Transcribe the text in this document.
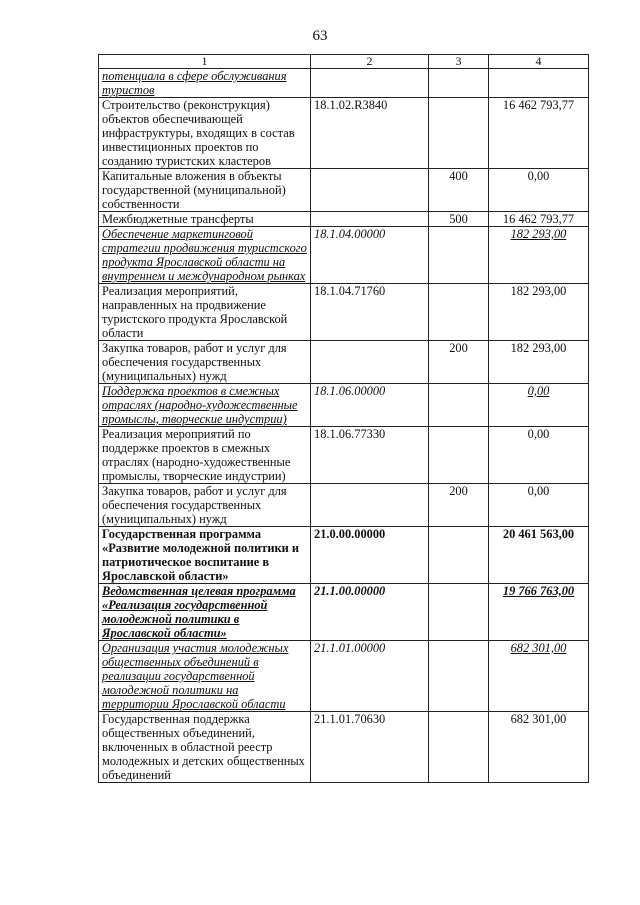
63
1	2	3	4
потенциала в сфере обслуживания туристов			
Строительство (реконструкция) объектов обеспечивающей инфраструктуры, входящих в состав инвестиционных проектов по созданию туристских кластеров	18.1.02.R3840		16 462 793,77
Капитальные вложения в объекты государственной (муниципальной) собственности		400	0,00
Межбюджетные трансферты		500	16 462 793,77
Обеспечение маркетинговой стратегии продвижения туристского продукта Ярославской области на внутреннем и международном рынках	18.1.04.00000		182 293,00
Реализация мероприятий, направленных на продвижение туристского продукта Ярославской области	18.1.04.71760		182 293,00
Закупка товаров, работ и услуг для обеспечения государственных (муниципальных) нужд		200	182 293,00
Поддержка проектов в смежных отраслях (народно-художественные промыслы, творческие индустрии)	18.1.06.00000		0,00
Реализация мероприятий по поддержке проектов в смежных отраслях (народно-художественные промыслы, творческие индустрии)	18.1.06.77330		0,00
Закупка товаров, работ и услуг для обеспечения государственных (муниципальных) нужд		200	0,00
Государственная программа «Развитие молодежной политики и патриотическое воспитание в Ярославской области»	21.0.00.00000		20 461 563,00
Ведомственная целевая программа «Реализация государственной молодежной политики в Ярославской области»	21.1.00.00000		19 766 763,00
Организация участия молодежных общественных объединений в реализации государственной молодежной политики на территории Ярославской области	21.1.01.00000		682 301,00
Государственная поддержка общественных объединений, включенных в областной реестр молодежных и детских общественных объединений	21.1.01.70630		682 301,00
